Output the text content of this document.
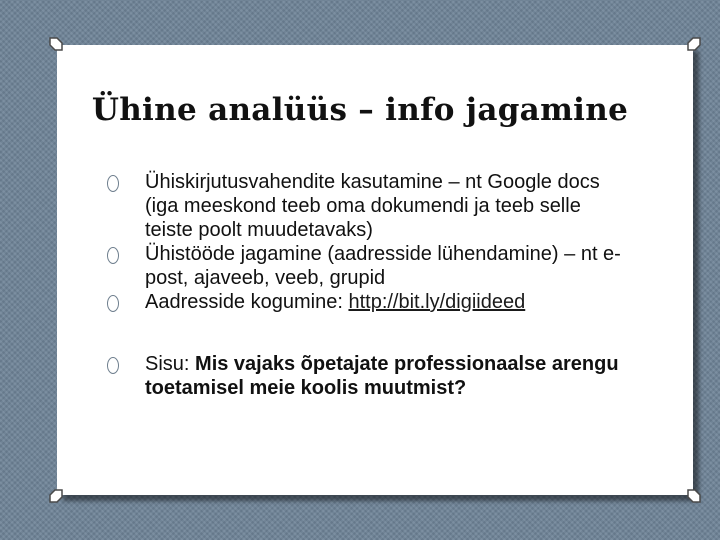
Ühine analüüs – info jagamine
Ühiskirjutusvahendite kasutamine – nt Google docs (iga meeskond teeb oma dokumendi ja teeb selle teiste poolt muudetavaks)
Ühistööde jagamine (aadresside lühendamine) – nt e-post, ajaveeb, veeb, grupid
Aadresside kogumine: http://bit.ly/digiideed
Sisu: Mis vajaks õpetajate professionaalse arengu toetamisel meie koolis muutmist?
